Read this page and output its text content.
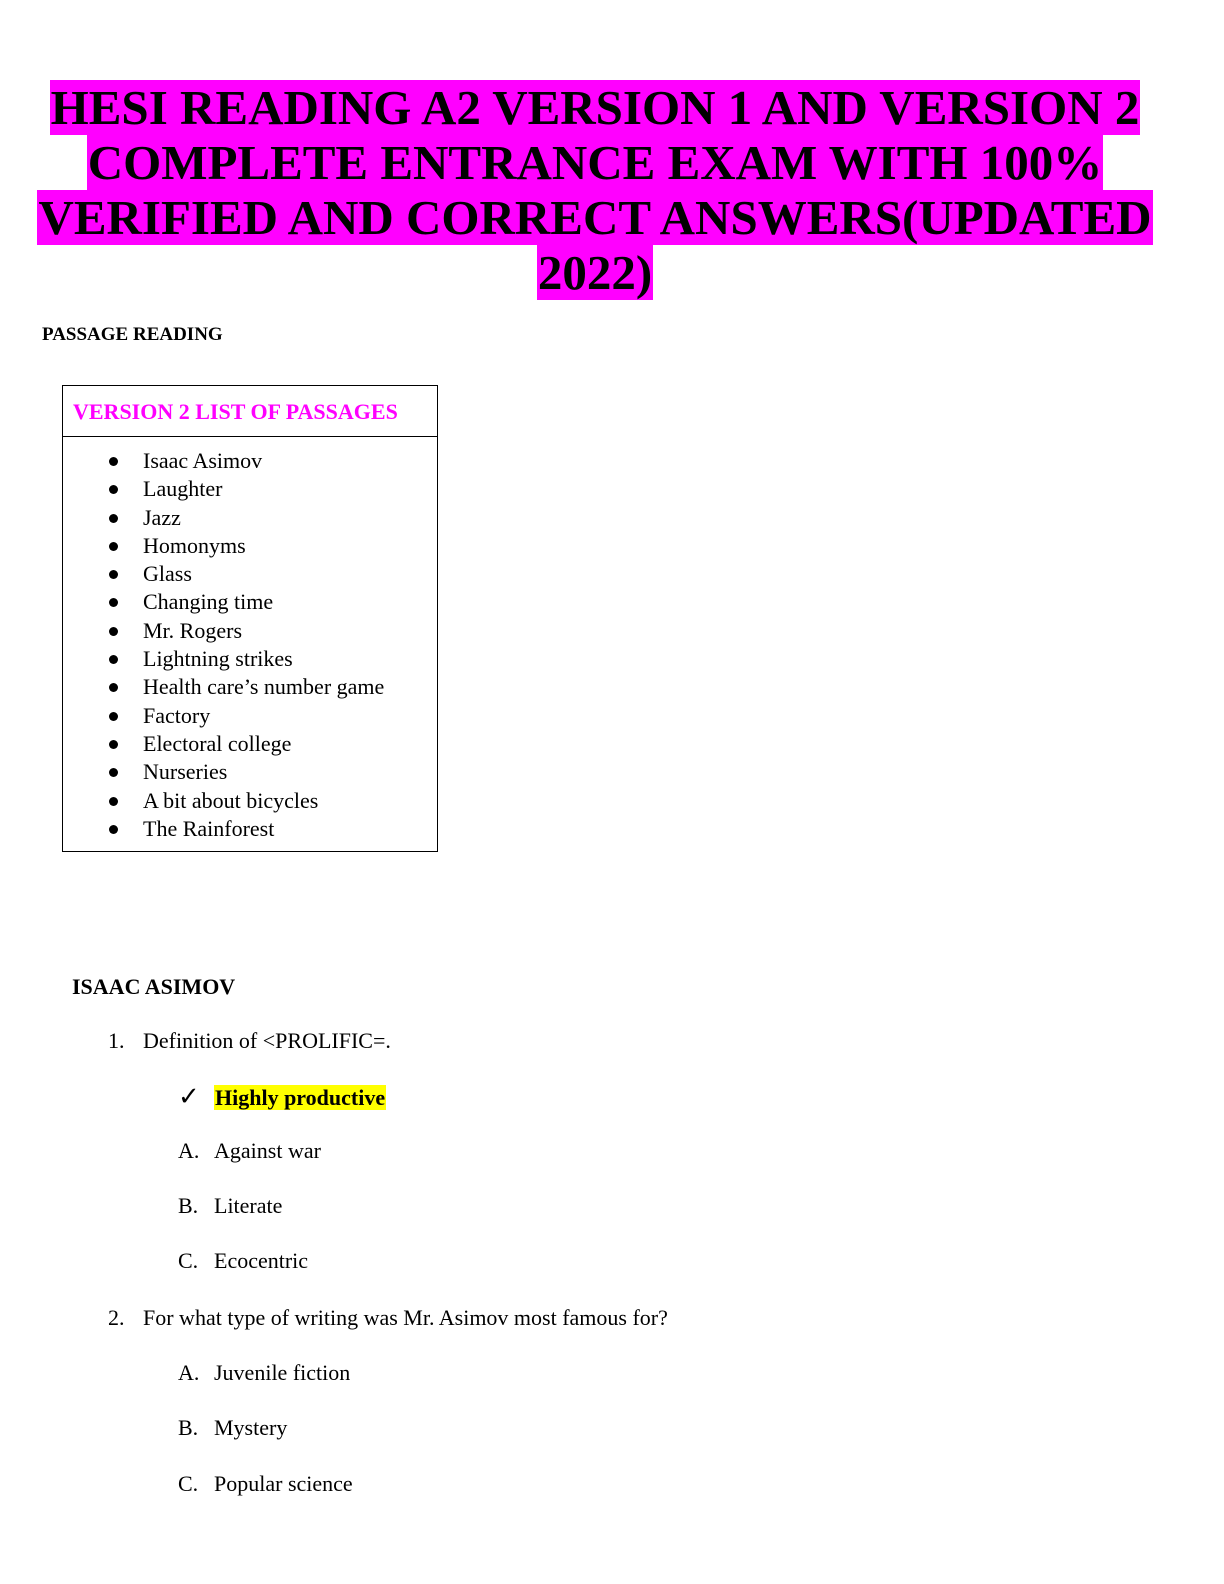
HESI READING A2 VERSION 1 AND VERSION 2
COMPLETE ENTRANCE EXAM WITH 100%
VERIFIED AND CORRECT ANSWERS(UPDATED
2022)
PASSAGE READING
VERSION 2 LIST OF PASSAGES
Isaac Asimov
Laughter
Jazz
Homonyms
Glass
Changing time
Mr. Rogers
Lightning strikes
Health care’s number game
Factory
Electoral college
Nurseries
A bit about bicycles
The Rainforest
ISAAC ASIMOV
1. Definition of <PROLIFIC=.
✓ Highly productive
A. Against war
B. Literate
C. Ecocentric
2. For what type of writing was Mr. Asimov most famous for?
A. Juvenile fiction
B. Mystery
C. Popular science
